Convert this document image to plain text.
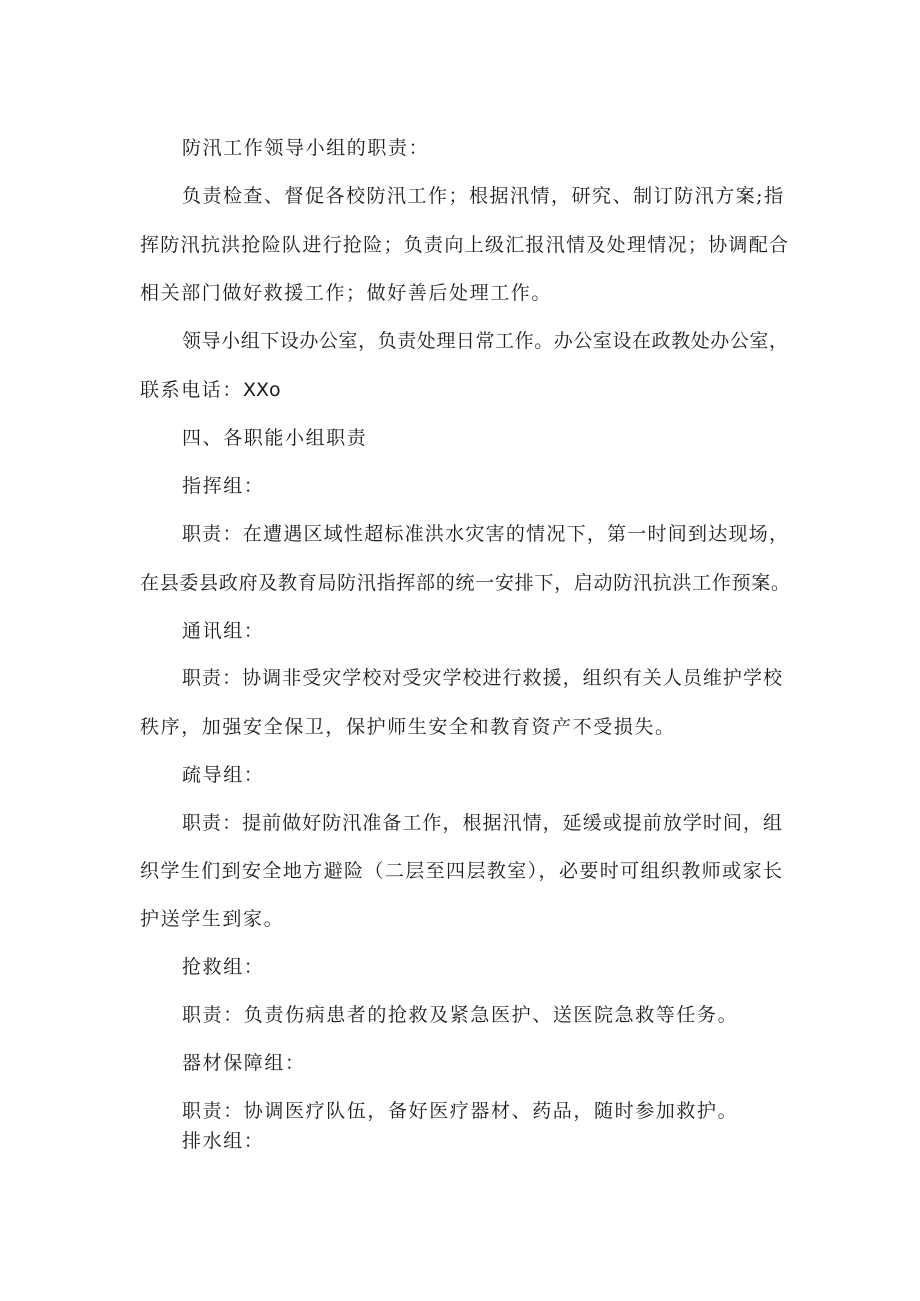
防汛工作领导小组的职责：
负责检查、督促各校防汛工作；根据汛情，研究、制订防汛方案;指
挥防汛抗洪抢险队进行抢险；负责向上级汇报汛情及处理情况；协调配合
相关部门做好救援工作；做好善后处理工作。
领导小组下设办公室，负责处理日常工作。办公室设在政教处办公室，
联系电话：XXo
四、各职能小组职责
指挥组：
职责：在遭遇区域性超标准洪水灾害的情况下，第一时间到达现场，
在县委县政府及教育局防汛指挥部的统一安排下，启动防汛抗洪工作预案。
通讯组：
职责：协调非受灾学校对受灾学校进行救援，组织有关人员维护学校
秩序，加强安全保卫，保护师生安全和教育资产不受损失。
疏导组：
职责：提前做好防汛准备工作，根据汛情，延缓或提前放学时间，组
织学生们到安全地方避险（二层至四层教室），必要时可组织教师或家长
护送学生到家。
抢救组：
职责：负责伤病患者的抢救及紧急医护、送医院急救等任务。
器材保障组：
职责：协调医疗队伍，备好医疗器材、药品，随时参加救护。
排水组：
